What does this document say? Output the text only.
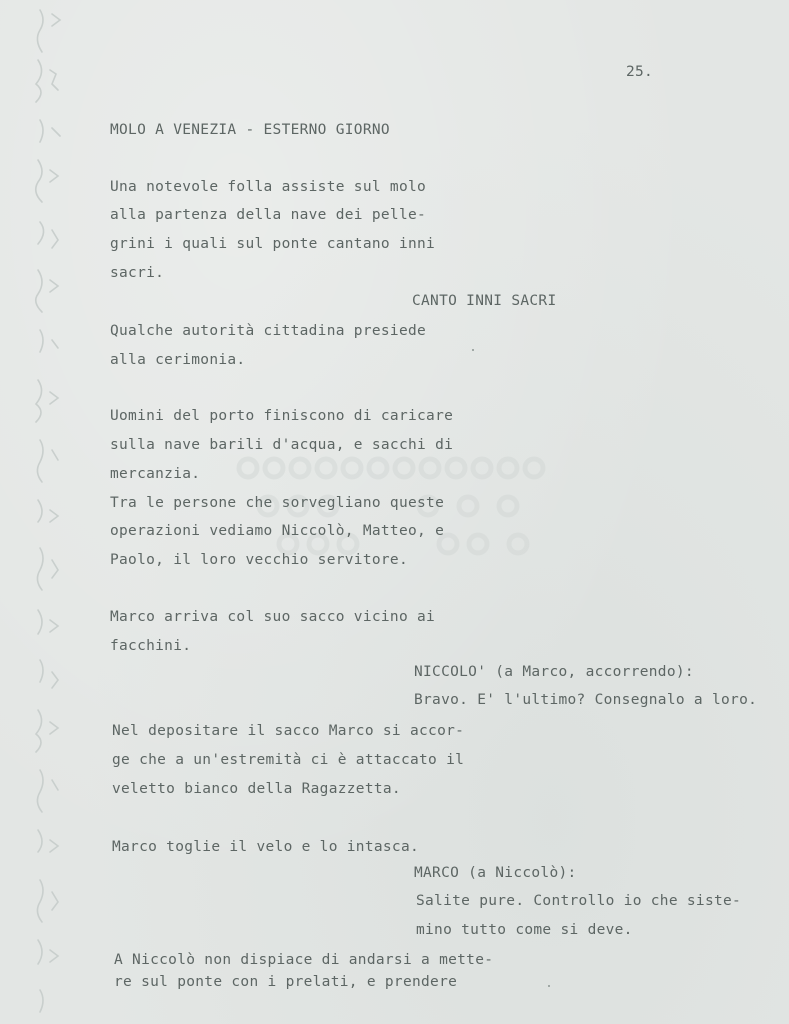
25.
MOLO A VENEZIA - ESTERNO GIORNO
Una notevole folla assiste sul molo
alla partenza della nave dei pelle-
grini i quali sul ponte cantano inni
sacri.
CANTO INNI SACRI
Qualche autorità cittadina presiede
alla cerimonia.
Uomini del porto finiscono di caricare
sulla nave barili d'acqua, e sacchi di
mercanzia.
Tra le persone che sorvegliano queste
operazioni vediamo Niccolò, Matteo, e
Paolo, il loro vecchio servitore.
Marco arriva col suo sacco vicino ai
facchini.
NICCOLO' (a Marco, accorrendo):
Bravo. E' l'ultimo? Consegnalo a loro.
Nel depositare il sacco Marco si accor-
ge che a un'estremità ci è attaccato il
veletto bianco della Ragazzetta.
Marco toglie il velo e lo intasca.
MARCO (a Niccolò):
Salite pure. Controllo io che siste-
mino tutto come si deve.
A Niccolò non dispiace di andarsi a mette-
re sul ponte con i prelati, e prendere
